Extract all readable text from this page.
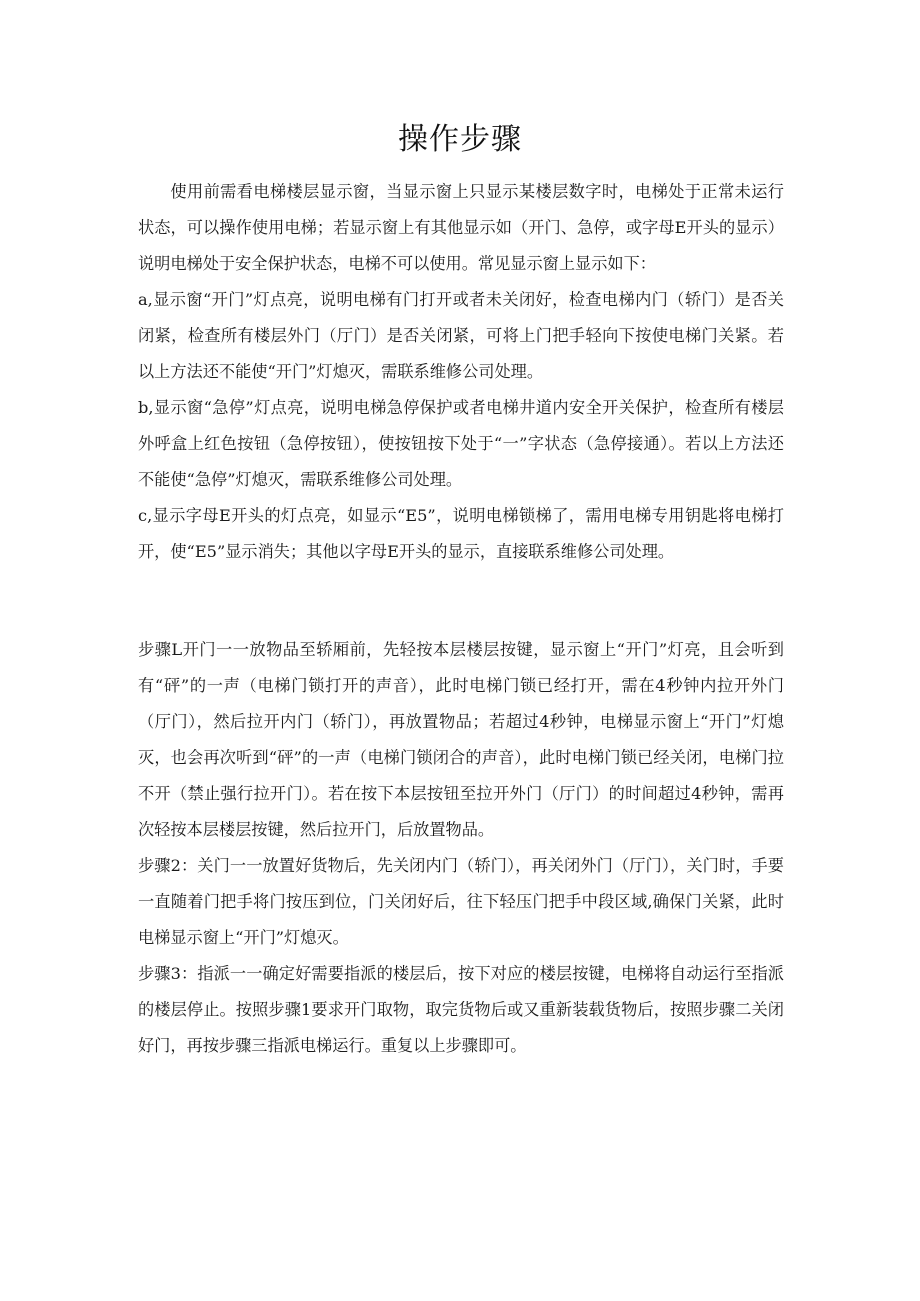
操作步骤

使用前需看电梯楼层显示窗，当显示窗上只显示某楼层数字时，电梯处于正常未运行状态，可以操作使用电梯；若显示窗上有其他显示如（开门、急停，或字母E开头的显示）说明电梯处于安全保护状态，电梯不可以使用。常见显示窗上显示如下：

a,显示窗“开门”灯点亮，说明电梯有门打开或者未关闭好，检查电梯内门（轿门）是否关闭紧，检查所有楼层外门（厅门）是否关闭紧，可将上门把手轻向下按使电梯门关紧。若以上方法还不能使“开门”灯熄灭，需联系维修公司处理。

b,显示窗“急停”灯点亮，说明电梯急停保护或者电梯井道内安全开关保护，检查所有楼层外呼盒上红色按钮（急停按钮），使按钮按下处于“一”字状态（急停接通）。若以上方法还不能使“急停”灯熄灭，需联系维修公司处理。

c,显示字母E开头的灯点亮，如显示“E5”，说明电梯锁梯了，需用电梯专用钥匙将电梯打开，使“E5”显示消失；其他以字母E开头的显示，直接联系维修公司处理。

步骤L开门一一放物品至轿厢前，先轻按本层楼层按键，显示窗上“开门”灯亮，且会听到有“砰”的一声（电梯门锁打开的声音），此时电梯门锁已经打开，需在4秒钟内拉开外门（厅门），然后拉开内门（轿门），再放置物品；若超过4秒钟，电梯显示窗上“开门”灯熄灭，也会再次听到“砰”的一声（电梯门锁闭合的声音），此时电梯门锁已经关闭，电梯门拉不开（禁止强行拉开门）。若在按下本层按钮至拉开外门（厅门）的时间超过4秒钟，需再次轻按本层楼层按键，然后拉开门，后放置物品。

步骤2：关门一一放置好货物后，先关闭内门（轿门），再关闭外门（厅门），关门时，手要一直随着门把手将门按压到位，门关闭好后，往下轻压门把手中段区域,确保门关紧，此时电梯显示窗上“开门”灯熄灭。

步骤3：指派一一确定好需要指派的楼层后，按下对应的楼层按键，电梯将自动运行至指派的楼层停止。按照步骤1要求开门取物，取完货物后或又重新装载货物后，按照步骤二关闭好门，再按步骤三指派电梯运行。重复以上步骤即可。
